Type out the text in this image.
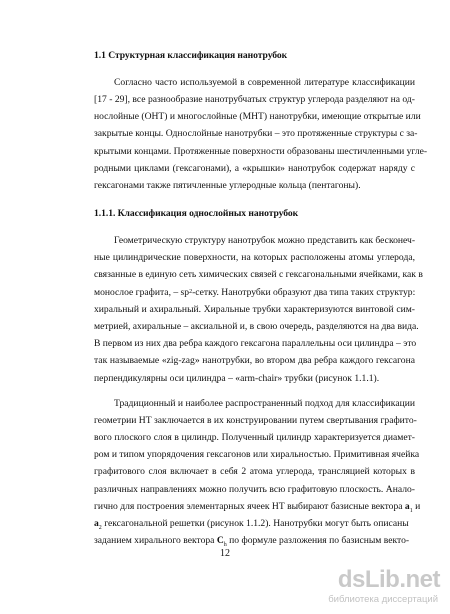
1.1 Структурная классификация нанотрубок
Согласно часто используемой в современной литературе классификации
[17 - 29], все разнообразие нанотрубчатых структур углерода разделяют на од-
нослойные (ОНТ) и многослойные (МНТ) нанотрубки, имеющие открытые или
закрытые концы. Однослойные нанотрубки – это протяженные структуры с за-
крытыми концами. Протяженные поверхности образованы шестичленными угле-
родными циклами (гексагонами), а «крышки» нанотрубок содержат наряду с
гексагонами также пятичленные углеродные кольца (пентагоны).
1.1.1. Классификация однослойных нанотрубок
Геометрическую структуру нанотрубок можно представить как бесконеч-
ные цилиндрические поверхности, на которых расположены атомы углерода,
связанные в единую сеть химических связей с гексагональными ячейками, как в
монослое графита, – $sp^2$-сетку. Нанотрубки образуют два типа таких структур:
хиральный и ахиральный. Хиральные трубки характеризуются винтовой сим-
метрией, ахиральные – аксиальной и, в свою очередь, разделяются на два вида.
В первом из них два ребра каждого гексагона параллельны оси цилиндра – это
так называемые «zig-zag» нанотрубки, во втором два ребра каждого гексагона
перпендикулярны оси цилиндра – «arm-chair» трубки (рисунок 1.1.1).
Традиционный и наиболее распространенный подход для классификации
геометрии НТ заключается в их конструировании путем свертывания графито-
вого плоского слоя в цилиндр. Полученный цилиндр характеризуется диамет-
ром и типом упорядочения гексагонов или хиральностью. Примитивная ячейка
графитового слоя включает в себя 2 атома углерода, трансляцией которых в
различных направлениях можно получить всю графитовую плоскость. Анало-
гично для построения элементарных ячеек НТ выбирают базисные вектора $a_1$ и
$a_2$ гексагональной решетки (рисунок 1.1.2). Нанотрубки могут быть описаны
заданием хирального вектора $C_h$ по формуле разложения по базисным векто-
12
dsLib.net
библиотека диссертаций
